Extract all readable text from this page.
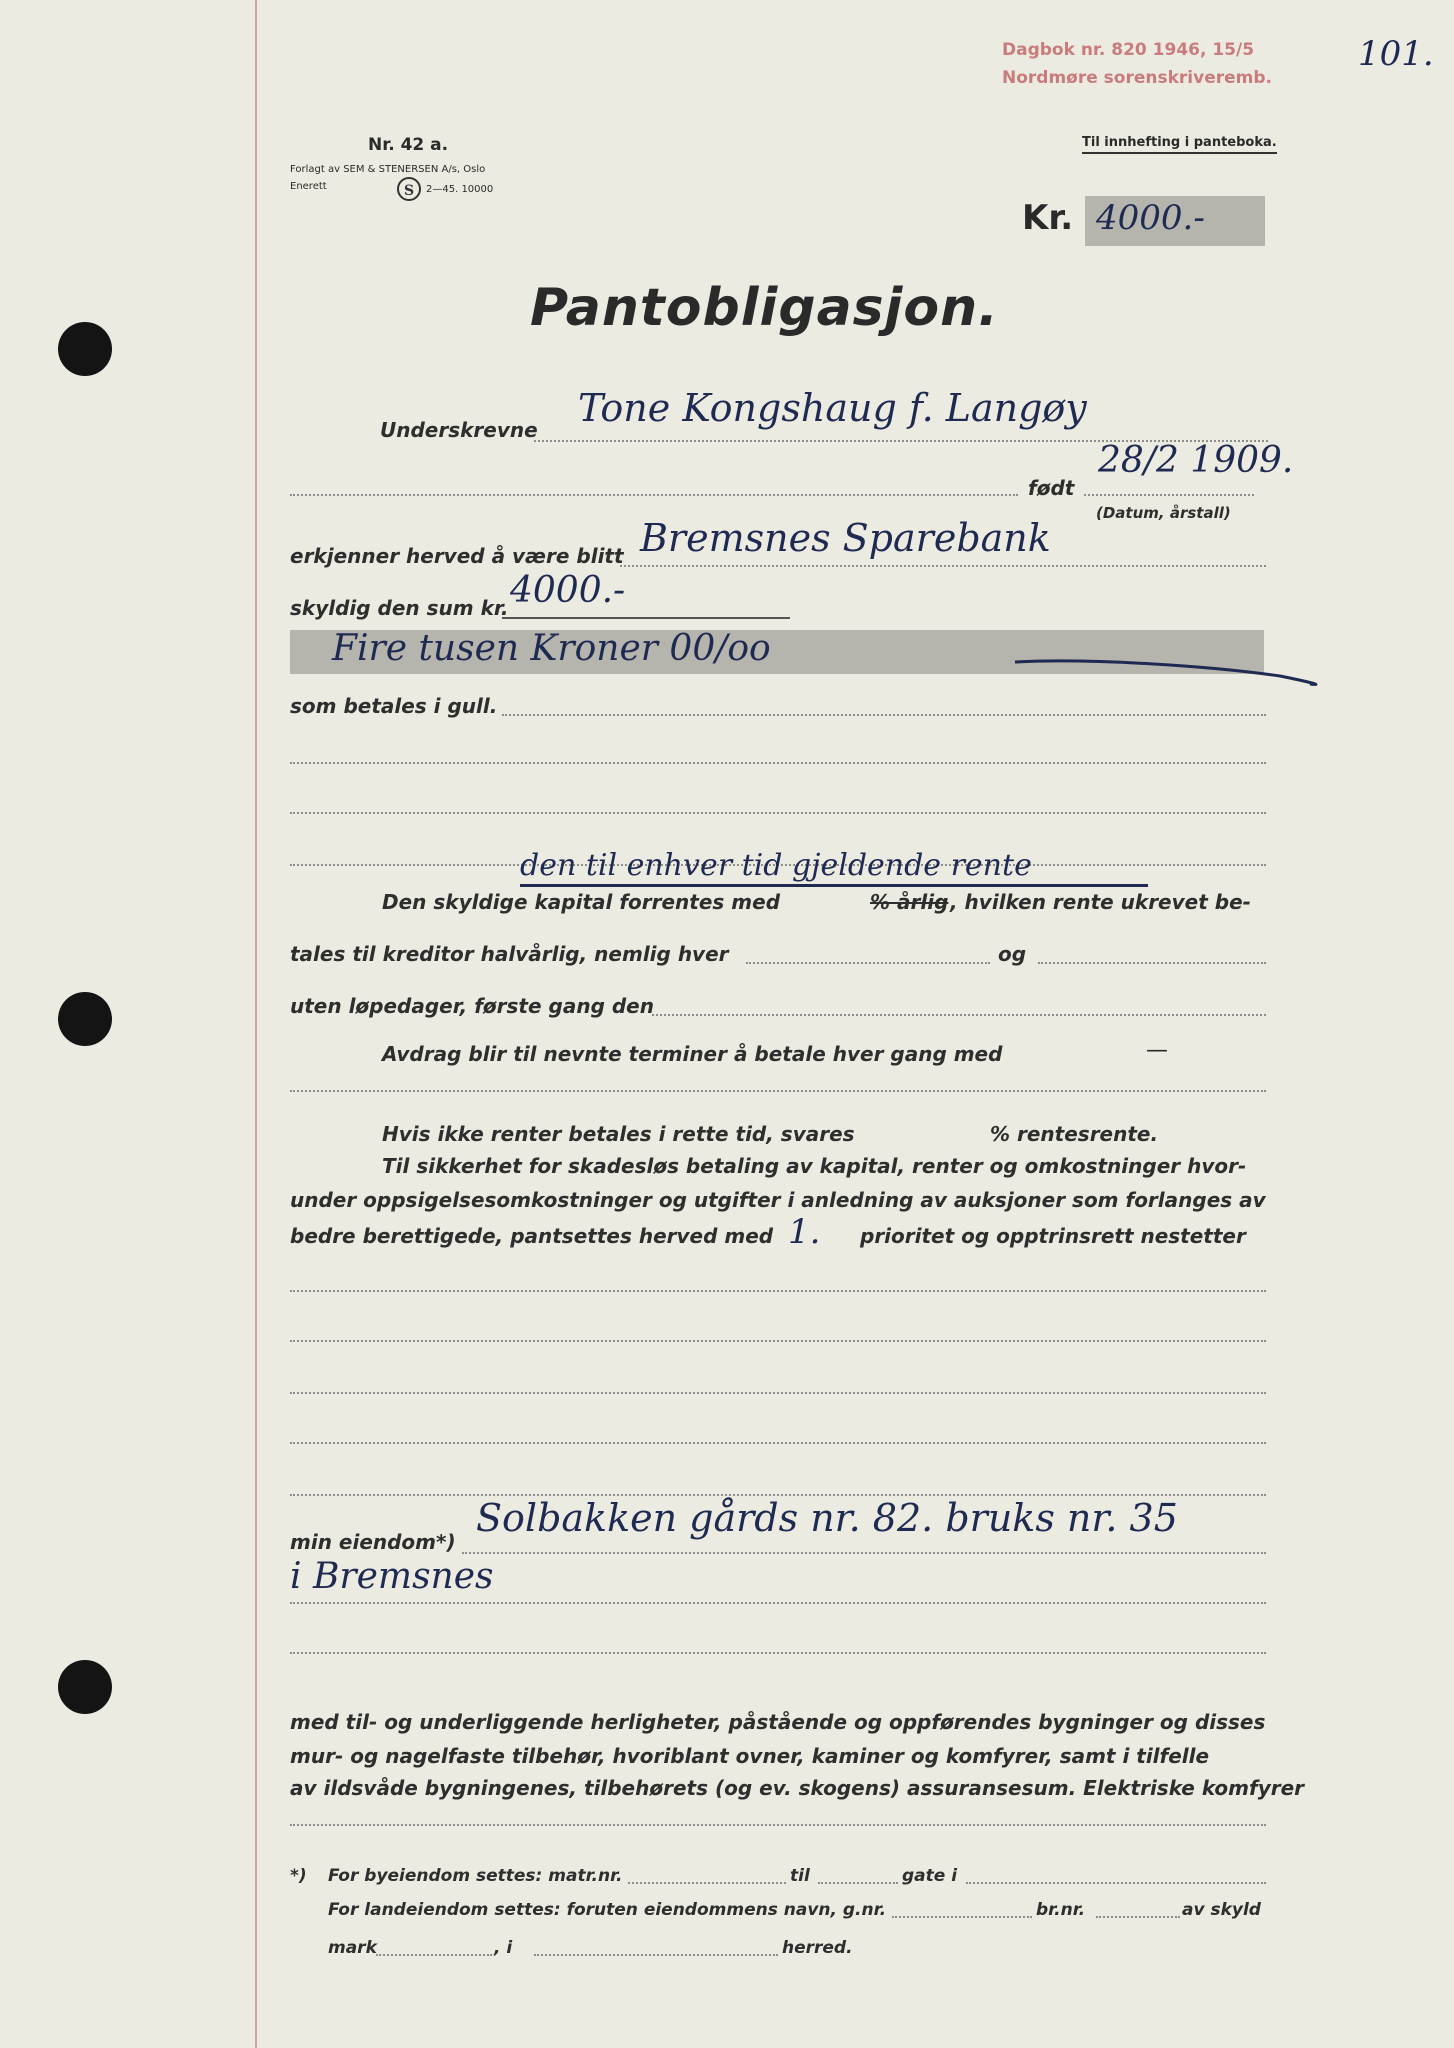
Dagbok nr. 820 1946, 15/5
Nordmøre sorenskriveremb.
101.
Til innhefting i panteboka.
Nr. 42 a.
Forlagt av SEM & STENERSEN A/s, Oslo
Enerett	S 2—45. 10000
Kr. 4000.-
Pantobligasjon.
Underskrevne Tone Kongshaug f. Langøy
født
28/2 1909.
(Datum, årstall)
erkjenner herved å være blitt Bremsnes Sparebank
skyldig den sum kr. 4000.-
Fire tusen Kroner 00/oo
som betales i gull.
den til enhver tid gjeldende rente
Den skyldige kapital forrentes med	% årlig , hvilken rente ukrevet be-
tales til kreditor halvårlig, nemlig hver	og
uten løpedager, første gang den
Avdrag blir til nevnte terminer å betale hver gang med	—
Hvis ikke renter betales i rette tid, svares	% rentesrente.
Til sikkerhet for skadesløs betaling av kapital, renter og omkostninger hvor-
under oppsigelsesomkostninger og utgifter i anledning av auksjoner som forlanges av
bedre berettigede, pantsettes herved med 1. prioritet og opptrinsrett nestetter
min eiendom*)
Solbakken gårds nr. 82. bruks nr. 35
i Bremsnes
med til- og underliggende herligheter, påstående og oppførendes bygninger og disses
mur- og nagelfaste tilbehør, hvoriblant ovner, kaminer og komfyrer, samt i tilfelle
av ildsvåde bygningenes, tilbehørets (og ev. skogens) assuransesum. Elektriske komfyrer
*) For byeiendom settes: matr.nr.	til	gate i
For landeiendom settes: foruten eiendommens navn, g.nr.	br.nr.	av skyld
mark	, i	herred.
